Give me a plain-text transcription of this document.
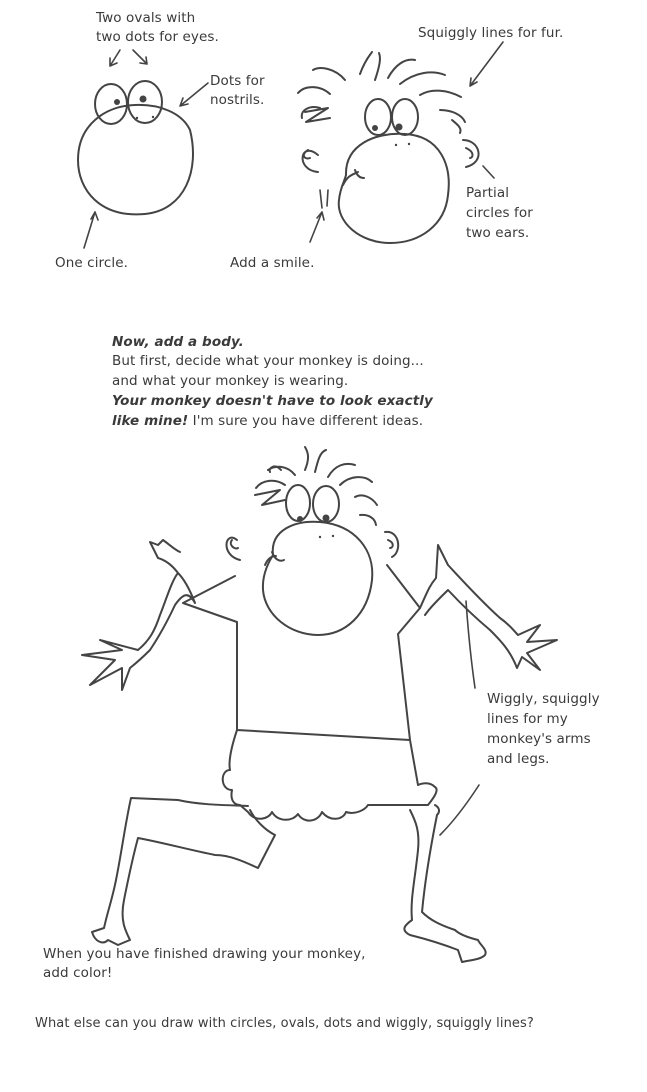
Two ovals with
two dots for eyes.
Dots for
nostrils.
One circle.
Squiggly lines for fur.
Partial
circles for
two ears.
Add a smile.
Now, add a body.
But first, decide what your monkey is doing...
and what your monkey is wearing.
Your monkey doesn't have to look exactly
like mine! I'm sure you have different ideas.
Wiggly, squiggly
lines for my
monkey's arms
and legs.
When you have finished drawing your monkey,
add color!
What else can you draw with circles, ovals, dots and wiggly, squiggly lines?
